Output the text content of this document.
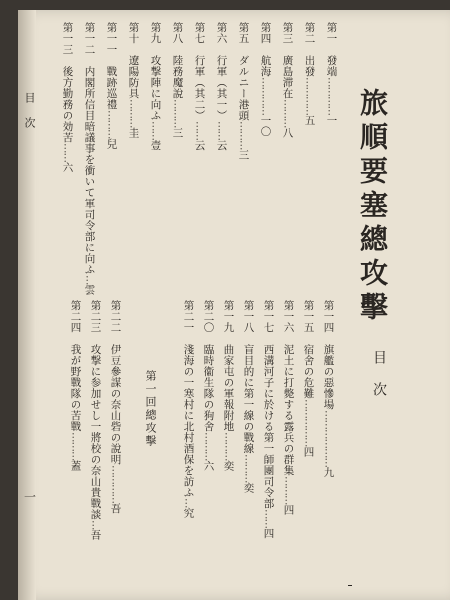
旅順要塞總攻擊
目次
第一四　旗艦の惡慘場………………九
第一五　宿舍の危難……………四
第一六　泥土に打斃する露兵の群集………四
第一七　西溝河子に於ける第一師團司令部……四
第一八　盲目的に第一線の戰線………奕
第一九　曲家屯の軍報附地………奕
第二〇　臨時衞生隊の狗舍………六
第二一　淺海の一寒村に北村酒保を訪ふ…究
第一回總攻擊
第二二　伊豆參謀の奈山砦の說明…………吾
第二三　攻撃に参加せし一將校の奈山貴戰談…吾
第二四　我が野戰隊の苦戰………蓋
第一　發端…………一
第二　出發…………五
第三　廣島滞在………八
第四　航海…………一〇
第五　ダルニー港頭………三
第六　行軍（其一）……云
第七　行軍（其二）……云
第八　陸務魔說………三
第九　攻撃陣に向ふ……壹
第十　遼陽防具………圭
第一一　戰跡巡禮………兒
第一二　内閣所信目暗議事を衝いて軍司令部に向ふ…雲
第一三　後方勤務の効苦……六
目次
一
